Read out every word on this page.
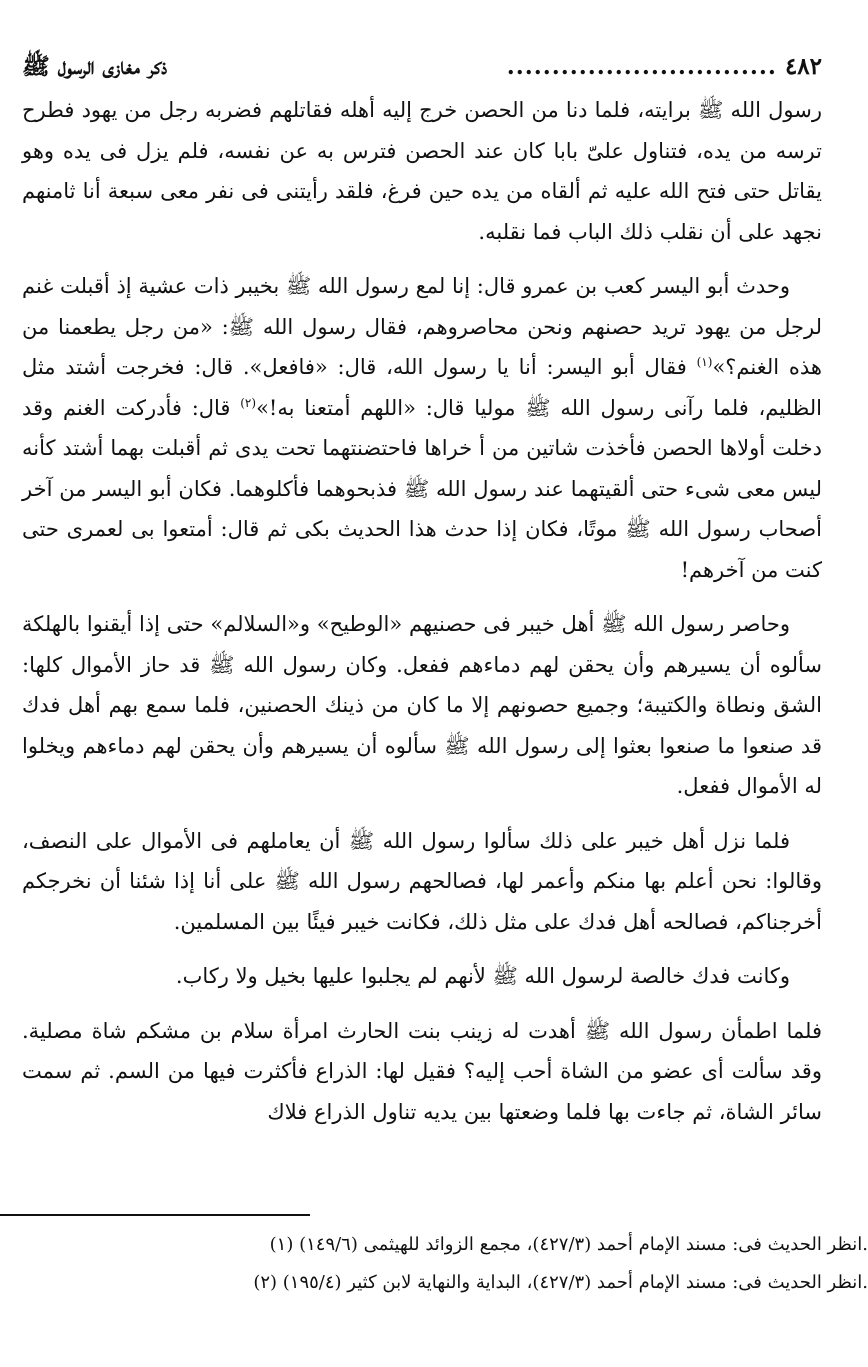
٤٨٢
..............................
ذكر مغازى الرسول ﷺ

رسول الله ﷺ برايته، فلما دنا من الحصن خرج إليه أهله فقاتلهم فضربه رجل من يهود فطرح ترسه من يده، فتناول علىّ بابا كان عند الحصن فترس به عن نفسه، فلم يزل فى يده وهو يقاتل حتى فتح الله عليه ثم ألقاه من يده حين فرغ، فلقد رأيتنى فى نفر معى سبعة أنا ثامنهم نجهد على أن نقلب ذلك الباب فما نقلبه.

وحدث أبو اليسر كعب بن عمرو قال: إنا لمع رسول الله ﷺ بخيبر ذات عشية إذ أقبلت غنم لرجل من يهود تريد حصنهم ونحن محاصروهم، فقال رسول الله ﷺ: «من رجل يطعمنا من هذه الغنم؟»$^{(١)}$ فقال أبو اليسر: أنا يا رسول الله، قال: «فافعل». قال: فخرجت أشتد مثل الظليم، فلما رآنى رسول الله ﷺ موليا قال: «اللهم أمتعنا به!»$^{(٢)}$ قال: فأدركت الغنم وقد دخلت أولاها الحصن فأخذت شاتين من أ خراها فاحتضنتهما تحت يدى ثم أقبلت بهما أشتد كأنه ليس معى شىء حتى ألقيتهما عند رسول الله ﷺ فذبحوهما فأكلوهما. فكان أبو اليسر من آخر أصحاب رسول الله ﷺ موتًا، فكان إذا حدث هذا الحديث بكى ثم قال: أمتعوا بى لعمرى حتى كنت من آخرهم!

وحاصر رسول الله ﷺ أهل خيبر فى حصنيهم «الوطيح» و«السلالم» حتى إذا أيقنوا بالهلكة سألوه أن يسيرهم وأن يحقن لهم دماءهم ففعل. وكان رسول الله ﷺ قد حاز الأموال كلها: الشق ونطاة والكتيبة؛ وجميع حصونهم إلا ما كان من ذينك الحصنين، فلما سمع بهم أهل فدك قد صنعوا ما صنعوا بعثوا إلى رسول الله ﷺ سألوه أن يسيرهم وأن يحقن لهم دماءهم ويخلوا له الأموال ففعل.

فلما نزل أهل خيبر على ذلك سألوا رسول الله ﷺ أن يعاملهم فى الأموال على النصف، وقالوا: نحن أعلم بها منكم وأعمر لها، فصالحهم رسول الله ﷺ على أنا إذا شئنا أن نخرجكم أخرجناكم، فصالحه أهل فدك على مثل ذلك، فكانت خيبر فيئًا بين المسلمين.

وكانت فدك خالصة لرسول الله ﷺ لأنهم لم يجلبوا عليها بخيل ولا ركاب.

فلما اطمأن رسول الله ﷺ أهدت له زينب بنت الحارث امرأة سلام بن مشكم شاة مصلية. وقد سألت أى عضو من الشاة أحب إليه؟ فقيل لها: الذراع فأكثرت فيها من السم. ثم سمت سائر الشاة، ثم جاءت بها فلما وضعتها بين يديه تناول الذراع فلاك

(١) انظر الحديث فى: مسند الإمام أحمد (٤٢٧/٣)، مجمع الزوائد للهيثمى (١٤٩/٦).

(٢) انظر الحديث فى: مسند الإمام أحمد (٤٢٧/٣)، البداية والنهاية لابن كثير (١٩٥/٤).
